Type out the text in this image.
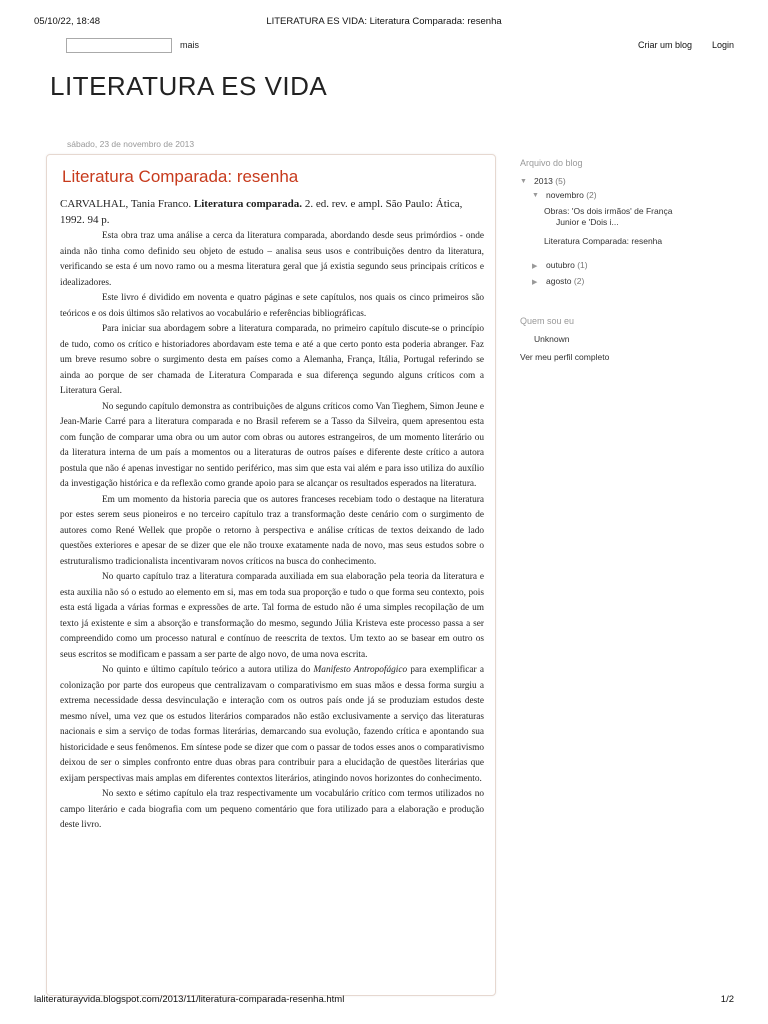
05/10/22, 18:48	LITERATURA ES VIDA: Literatura Comparada: resenha
mais	Criar um blog Login
LITERATURA ES VIDA
sábado, 23 de novembro de 2013
Literatura Comparada: resenha
CARVALHAL, Tania Franco. Literatura comparada. 2. ed. rev. e ampl. São Paulo: Ática, 1992. 94 p.

Esta obra traz uma análise a cerca da literatura comparada, abordando desde seus primórdios - onde ainda não tinha como definido seu objeto de estudo – analisa seus usos e contribuições dentro da literatura, verificando se esta é um novo ramo ou a mesma literatura geral que já existia segundo seus principais críticos e idealizadores.

Este livro é dividido em noventa e quatro páginas e sete capítulos, nos quais os cinco primeiros são teóricos e os dois últimos são relativos ao vocabulário e referências bibliográficas.

Para iniciar sua abordagem sobre a literatura comparada, no primeiro capítulo discute-se o princípio de tudo, como os crítico e historiadores abordavam este tema e até a que certo ponto esta poderia abranger. Faz um breve resumo sobre o surgimento desta em países como a Alemanha, França, Itália, Portugal referindo se ainda ao porque de ser chamada de Literatura Comparada e sua diferença segundo alguns críticos com a Literatura Geral.

No segundo capítulo demonstra as contribuições de alguns críticos como Van Tieghem, Simon Jeune e Jean-Marie Carré para a literatura comparada e no Brasil referem se a Tasso da Silveira, quem apresentou esta com função de comparar uma obra ou um autor com obras ou autores estrangeiros, de um momento literário ou da literatura interna de um país a momentos ou a literaturas de outros países e diferente deste crítico a autora postula que não é apenas investigar no sentido periférico, mas sim que esta vai além e para isso utiliza do auxílio da investigação histórica e da reflexão como grande apoio para se alcançar os resultados esperados na literatura.

Em um momento da historia parecia que os autores franceses recebiam todo o destaque na literatura por estes serem seus pioneiros e no terceiro capítulo traz a transformação deste cenário com o surgimento de autores como René Wellek que propõe o retorno à perspectiva e análise críticas de textos deixando de lado questões exteriores e apesar de se dizer que ele não trouxe exatamente nada de novo, mas seus estudos sobre o estruturalismo tradicionalista incentivaram novos críticos na busca do conhecimento.

No quarto capítulo traz a literatura comparada auxiliada em sua elaboração pela teoria da literatura e esta auxilia não só o estudo ao elemento em si, mas em toda sua proporção e tudo o que forma seu contexto, pois esta está ligada a várias formas e expressões de arte. Tal forma de estudo não é uma simples recopilação de um texto já existente e sim a absorção e transformação do mesmo, segundo Júlia Kristeva este processo passa a ser compreendido como um processo natural e contínuo de reescrita de textos. Um texto ao se basear em outro os seus escritos se modificam e passam a ser parte de algo novo, de uma nova escrita.

No quinto e último capítulo teórico a autora utiliza do Manifesto Antropofágico para exemplificar a colonização por parte dos europeus que centralizavam o comparativismo em suas mãos e dessa forma surgiu a extrema necessidade dessa desvinculação e interação com os outros país onde já se produziam estudos deste mesmo nível, uma vez que os estudos literários comparados não estão exclusivamente a serviço das literaturas nacionais e sim a serviço de todas formas literárias, demarcando sua evolução, fazendo crítica e apontando sua historicidade e seus fenômenos. Em síntese pode se dizer que com o passar de todos esses anos o comparativismo deixou de ser o simples confronto entre duas obras para contribuir para a elucidação de questões literárias que exijam perspectivas mais amplas em diferentes contextos literários, atingindo novos horizontes do conhecimento.

No sexto e sétimo capítulo ela traz respectivamente um vocabulário crítico com termos utilizados no campo literário e cada biografia com um pequeno comentário que fora utilizado para a elaboração e produção deste livro.

Arquivo do blog
▼ 2013 (5)
▼ novembro (2)
Obras: 'Os dois irmãos' de França
Junior e 'Dois i...
Literatura Comparada: resenha
▶ outubro (1)
▶ agosto (2)
Quem sou eu
Unknown
Ver meu perfil completo
laliteraturayvida.blogspot.com/2013/11/literatura-comparada-resenha.html	1/2
